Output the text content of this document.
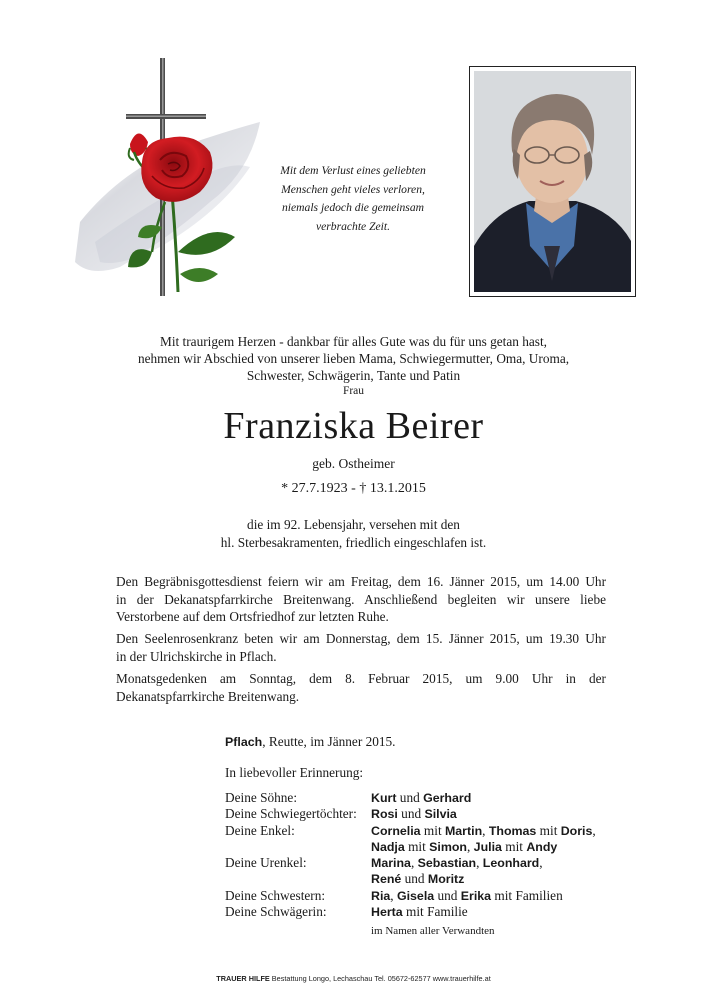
Mit dem Verlust eines geliebten
Menschen geht vieles verloren,
niemals jedoch die gemeinsam
verbrachte Zeit.
Mit traurigem Herzen - dankbar für alles Gute was du für uns getan hast,
nehmen wir Abschied von unserer lieben Mama, Schwiegermutter, Oma, Uroma,
Schwester, Schwägerin, Tante und Patin
Frau
Franziska Beirer
geb. Ostheimer
* 27.7.1923 - † 13.1.2015
die im 92. Lebensjahr, versehen mit den
hl. Sterbesakramenten, friedlich eingeschlafen ist.
Den Begräbnisgottesdienst feiern wir am Freitag, dem 16. Jänner 2015, um 14.00 Uhr
in der Dekanatspfarrkirche Breitenwang. Anschließend begleiten wir unsere liebe
Verstorbene auf dem Ortsfriedhof zur letzten Ruhe.
Den Seelenrosenkranz beten wir am Donnerstag, dem 15. Jänner 2015, um 19.30 Uhr
in der Ulrichskirche in Pflach.
Monatsgedenken am Sonntag, dem 8. Februar 2015, um 9.00 Uhr in der
Dekanatspfarrkirche Breitenwang.
Pflach, Reutte, im Jänner 2015.
In liebevoller Erinnerung:
Deine Söhne:	Kurt und Gerhard
Deine Schwiegertöchter: Rosi und Silvia
Deine Enkel:	Cornelia mit Martin, Thomas mit Doris,
Nadja mit Simon, Julia mit Andy
Deine Urenkel:	Marina, Sebastian, Leonhard,
René und Moritz
Deine Schwestern:	Ria, Gisela und Erika mit Familien
Deine Schwägerin:	Herta mit Familie
im Namen aller Verwandten
TRAUER HILFE Bestattung Longo, Lechaschau Tel. 05672-62577 www.trauerhilfe.at
